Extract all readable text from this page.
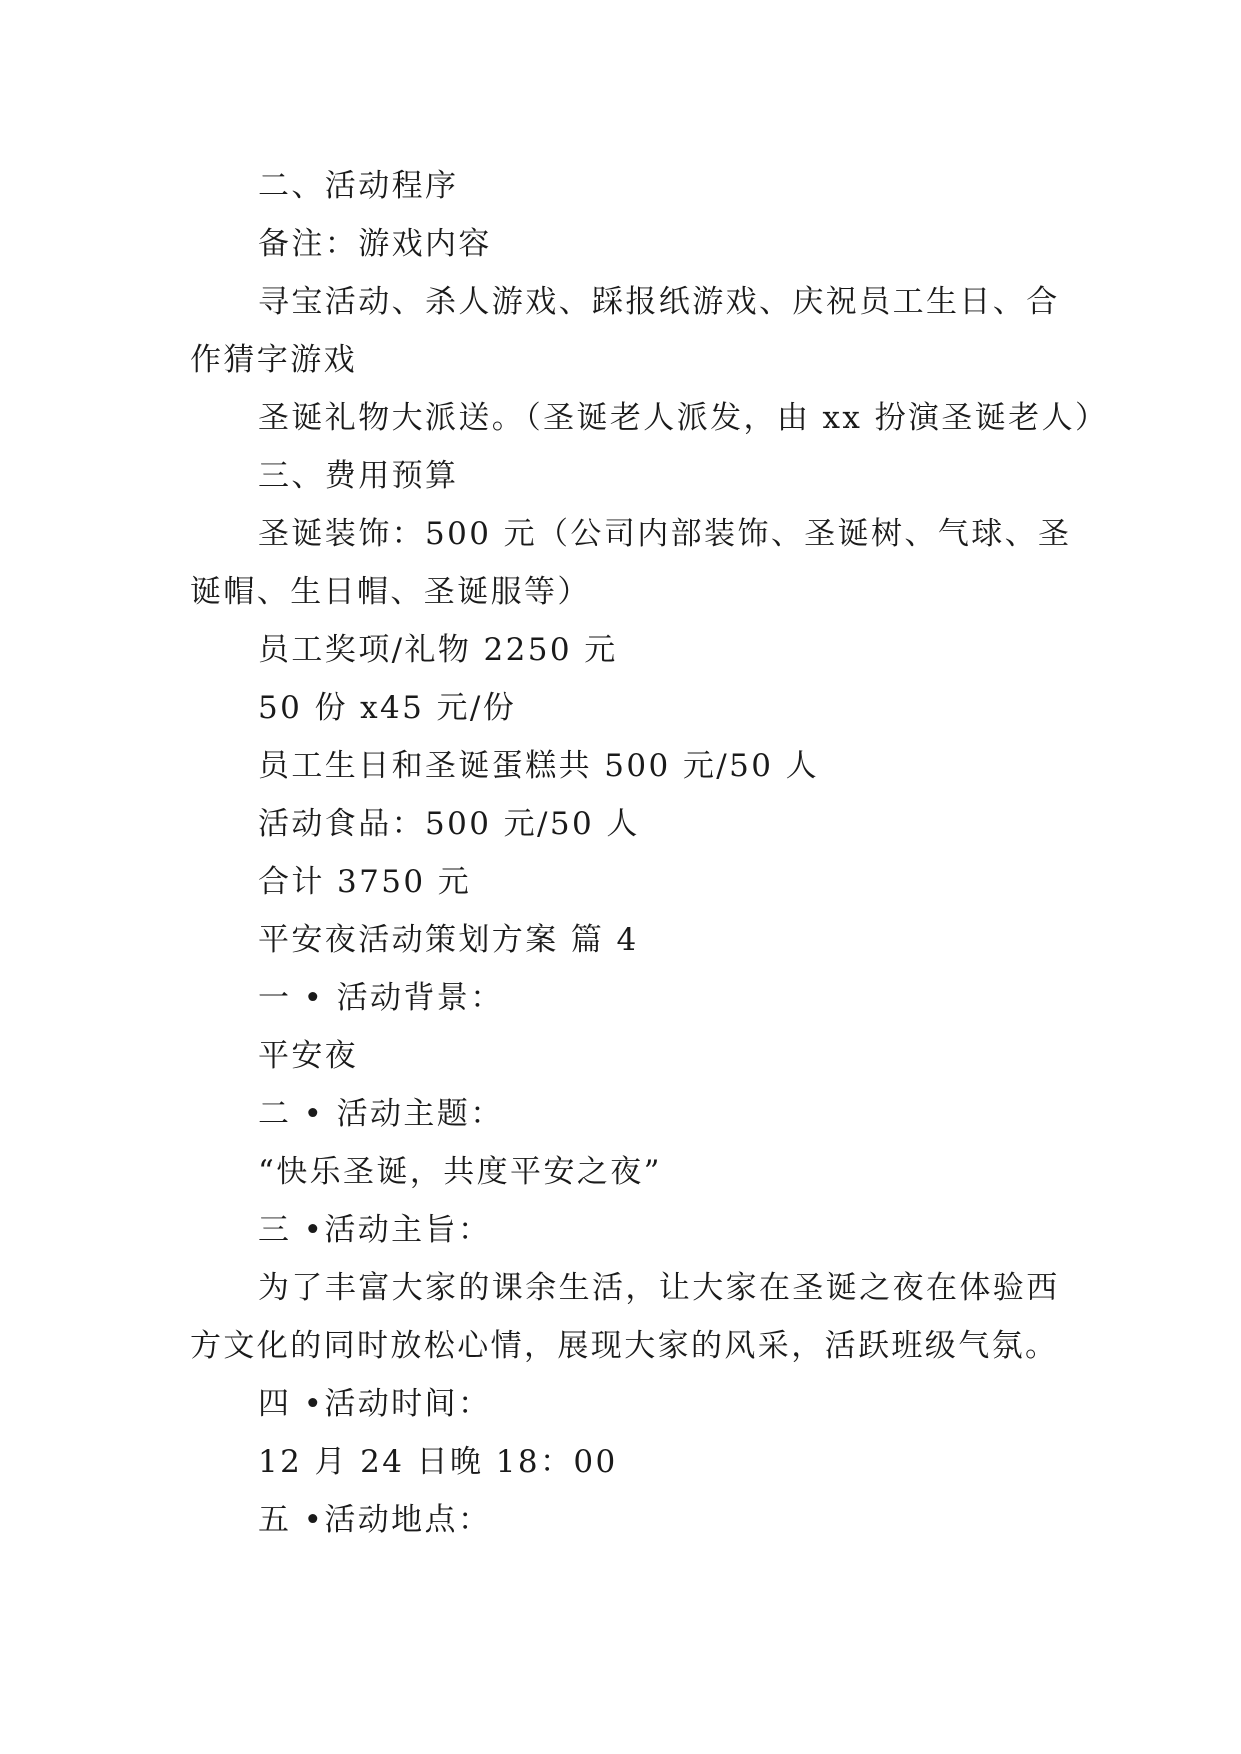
二、活动程序
备注：游戏内容
寻宝活动、杀人游戏、踩报纸游戏、庆祝员工生日、合
作猜字游戏
圣诞礼物大派送。（圣诞老人派发，由 xx 扮演圣诞老人）
三、费用预算
圣诞装饰：500 元（公司内部装饰、圣诞树、气球、圣
诞帽、生日帽、圣诞服等）
员工奖项/礼物 2250 元
50 份 x45 元/份
员工生日和圣诞蛋糕共 500 元/50 人
活动食品：500 元/50 人
合计 3750 元
平安夜活动策划方案 篇 4
一 • 活动背景：
平安夜
二 • 活动主题：
“快乐圣诞，共度平安之夜”
三 •活动主旨：
为了丰富大家的课余生活，让大家在圣诞之夜在体验西
方文化的同时放松心情，展现大家的风采，活跃班级气氛。
四 •活动时间：
12 月 24 日晚 18：00
五 •活动地点：
